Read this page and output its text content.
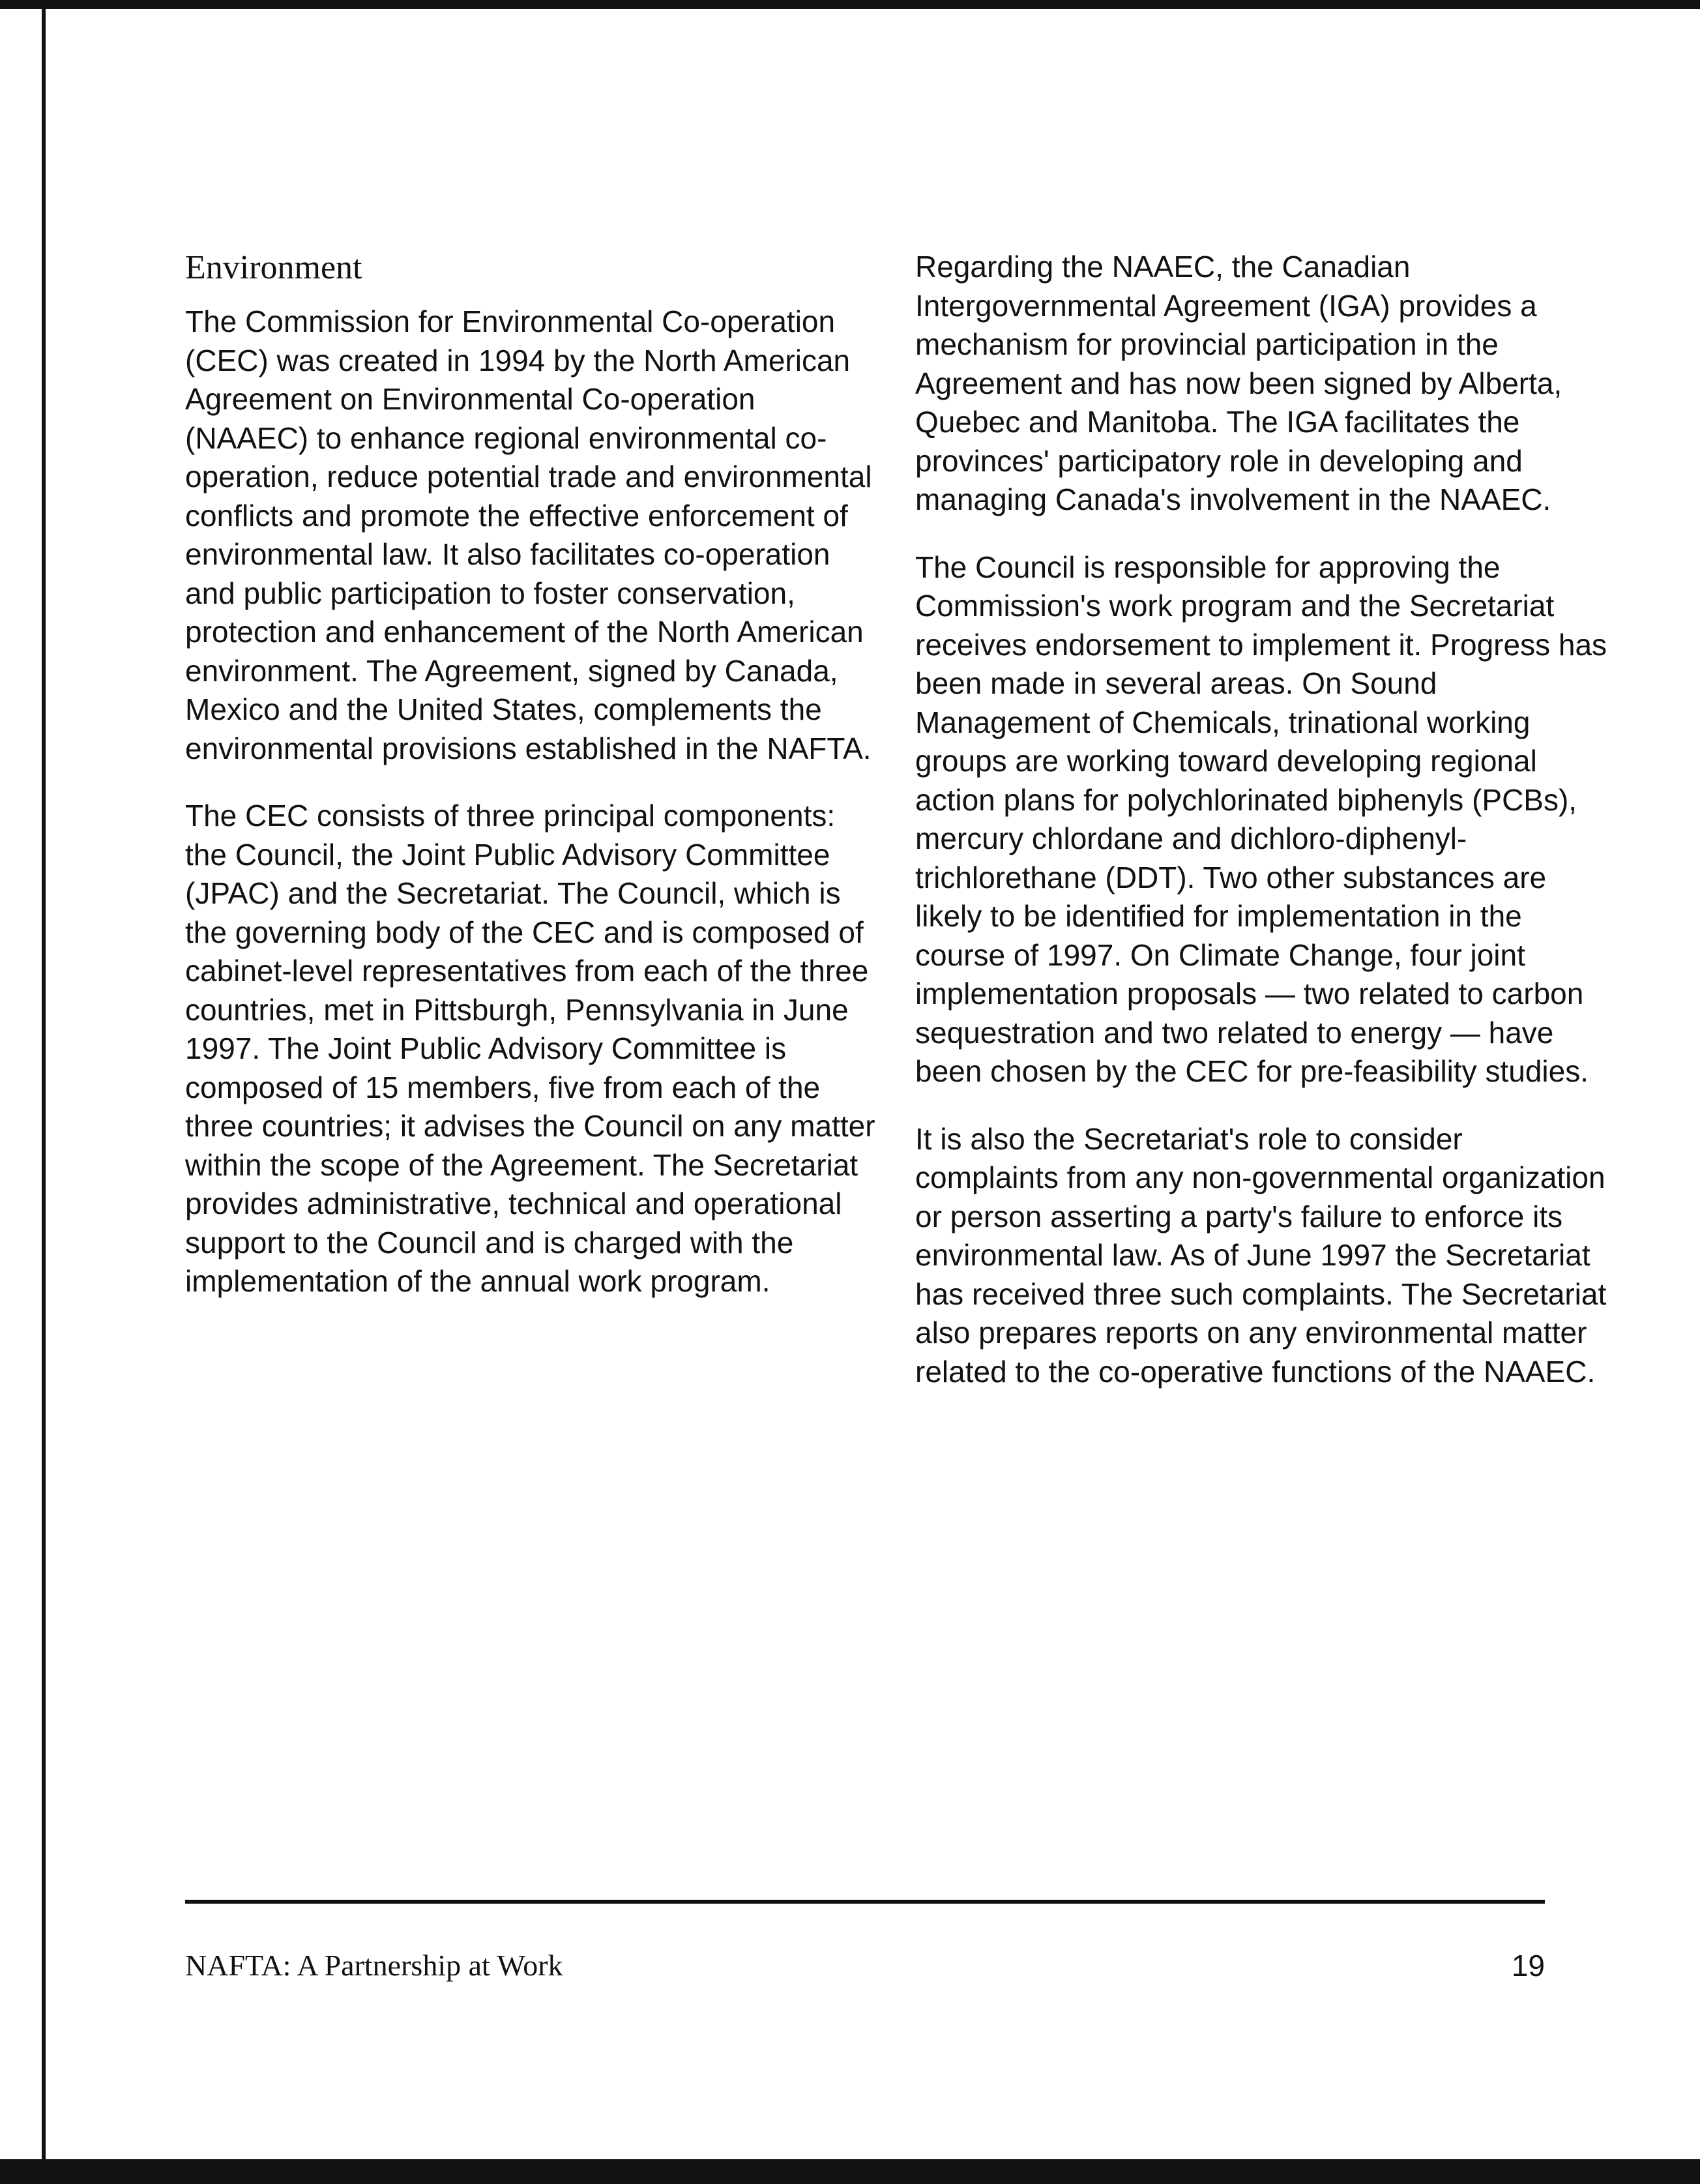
Environment

The Commission for Environmental Co-operation (CEC) was created in 1994 by the North American Agreement on Environmental Co-operation (NAAEC) to enhance regional environmental co-operation, reduce potential trade and environmental conflicts and promote the effective enforcement of environmental law. It also facilitates co-operation and public participation to foster conservation, protection and enhancement of the North American environment. The Agreement, signed by Canada, Mexico and the United States, complements the environmental provisions established in the NAFTA.

The CEC consists of three principal components: the Council, the Joint Public Advisory Committee (JPAC) and the Secretariat. The Council, which is the governing body of the CEC and is composed of cabinet-level representatives from each of the three countries, met in Pittsburgh, Pennsylvania in June 1997. The Joint Public Advisory Committee is composed of 15 members, five from each of the three countries; it advises the Council on any matter within the scope of the Agreement. The Secretariat provides administrative, technical and operational support to the Council and is charged with the implementation of the annual work program.

Regarding the NAAEC, the Canadian Intergovernmental Agreement (IGA) provides a mechanism for provincial participation in the Agreement and has now been signed by Alberta, Quebec and Manitoba. The IGA facilitates the provinces' participatory role in developing and managing Canada's involvement in the NAAEC.

The Council is responsible for approving the Commission's work program and the Secretariat receives endorsement to implement it. Progress has been made in several areas. On Sound Management of Chemicals, trinational working groups are working toward developing regional action plans for polychlorinated biphenyls (PCBs), mercury chlordane and dichloro-diphenyl-trichlorethane (DDT). Two other substances are likely to be identified for implementation in the course of 1997. On Climate Change, four joint implementation proposals — two related to carbon sequestration and two related to energy — have been chosen by the CEC for pre-feasibility studies.

It is also the Secretariat's role to consider complaints from any non-governmental organization or person asserting a party's failure to enforce its environmental law. As of June 1997 the Secretariat has received three such complaints. The Secretariat also prepares reports on any environmental matter related to the co-operative functions of the NAAEC.

NAFTA: A Partnership at Work	19
